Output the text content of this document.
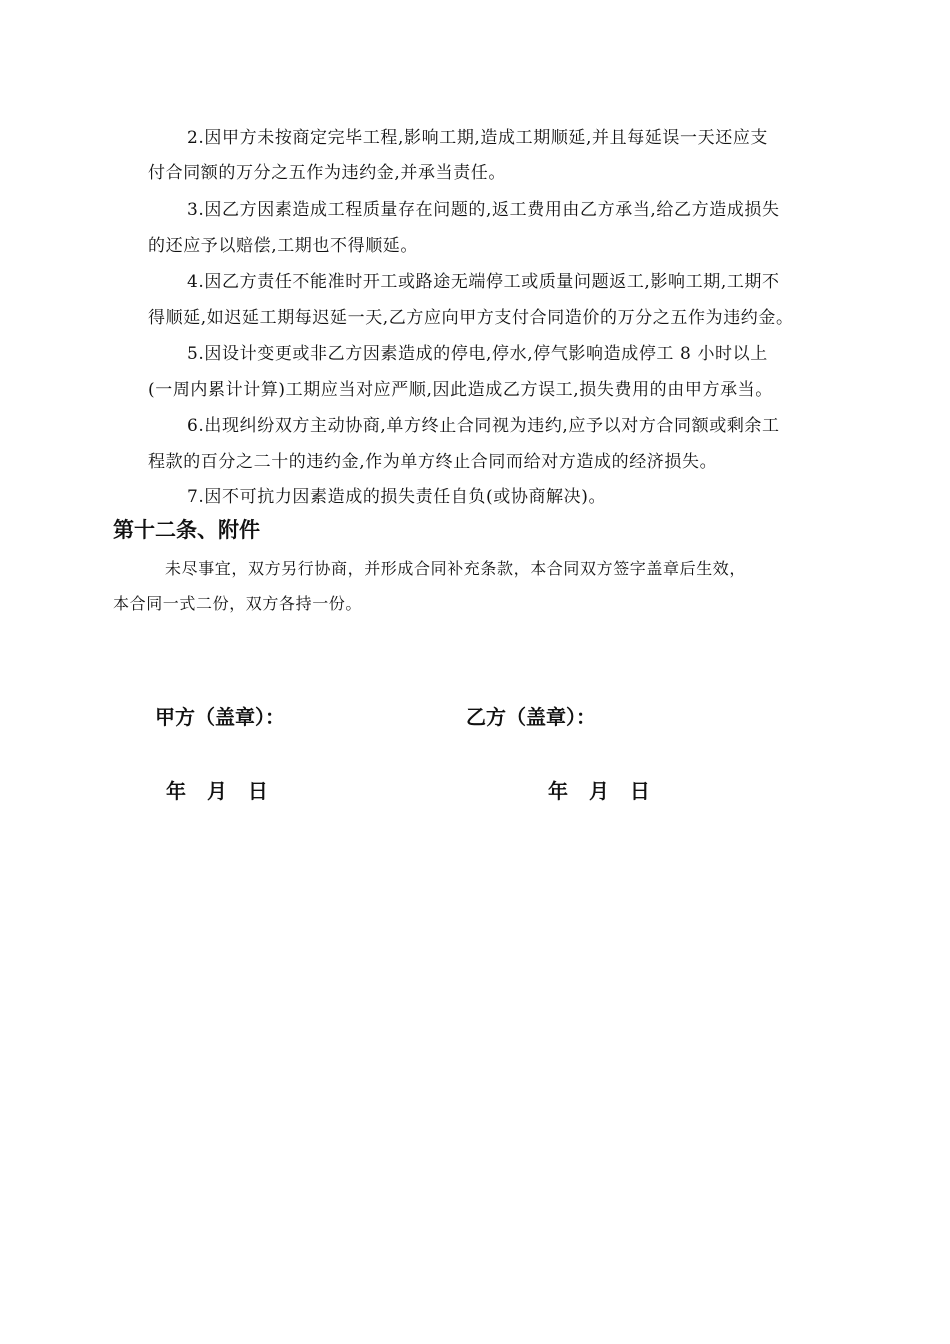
2.因甲方未按商定完毕工程,影响工期,造成工期顺延,并且每延误一天还应支
付合同额的万分之五作为违约金,并承当责任。
3.因乙方因素造成工程质量存在问题的,返工费用由乙方承当,给乙方造成损失
的还应予以赔偿,工期也不得顺延。
4.因乙方责任不能准时开工或路途无端停工或质量问题返工,影响工期,工期不
得顺延,如迟延工期每迟延一天,乙方应向甲方支付合同造价的万分之五作为违约金。
5.因设计变更或非乙方因素造成的停电,停水,停气影响造成停工 8 小时以上
(一周内累计计算)工期应当对应严顺,因此造成乙方误工,损失费用的由甲方承当。
6.出现纠纷双方主动协商,单方终止合同视为违约,应予以对方合同额或剩余工
程款的百分之二十的违约金,作为单方终止合同而给对方造成的经济损失。
7.因不可抗力因素造成的损失责任自负(或协商解决)。
第十二条、附件
未尽事宜，双方另行协商，并形成合同补充条款，本合同双方签字盖章后生效，
本合同一式二份，双方各持一份。
甲方（盖章）：	乙方（盖章）：
年 月 日	年 月 日
